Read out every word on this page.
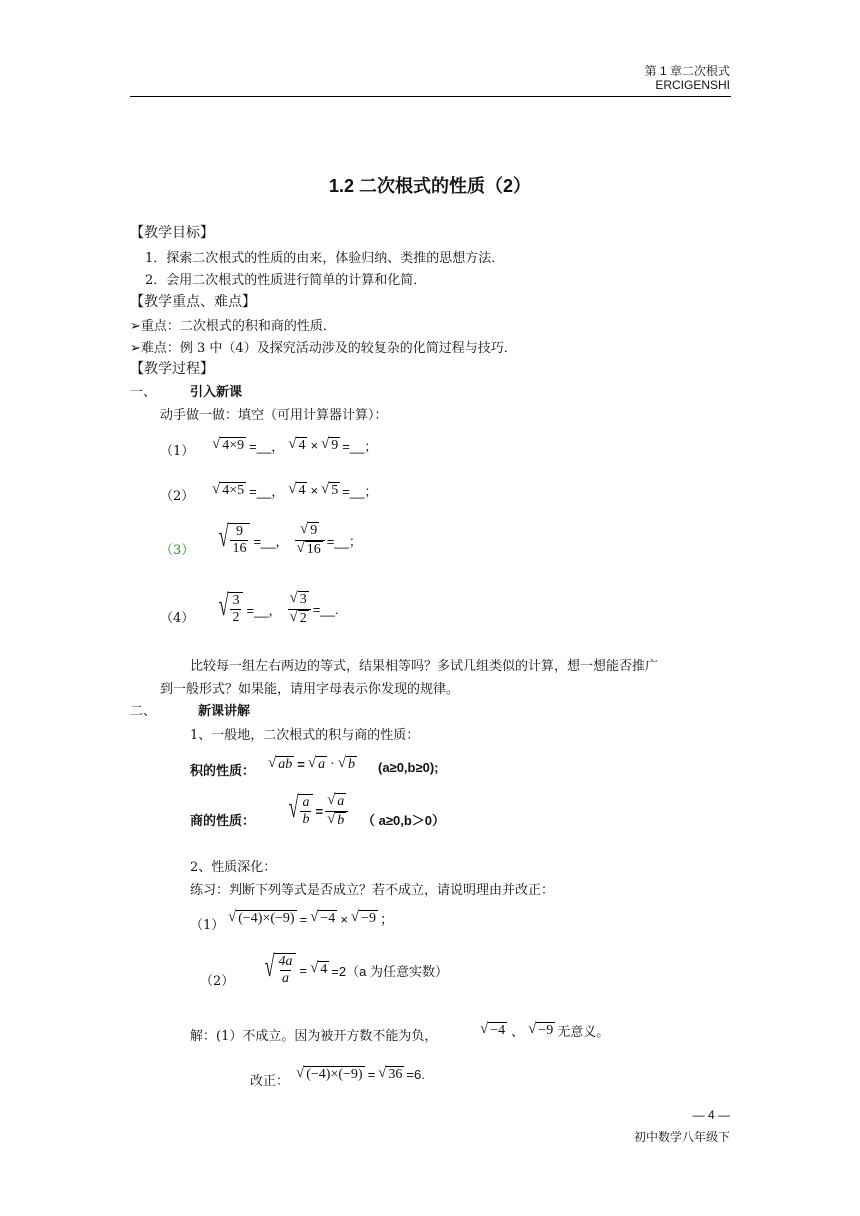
第 1 章二次根式
ERCIGENSHI
1.2 二次根式的性质（2）
【教学目标】
1．探索二次根式的性质的由来，体验归纳、类推的思想方法．
2．会用二次根式的性质进行简单的计算和化简．
【教学重点、难点】
➢重点：二次根式的积和商的性质．
➢难点：例 3 中（4）及探究活动涉及的较复杂的化简过程与技巧．
【教学过程】
一、	引入新课
动手做一做：填空（可用计算器计算）：
（1） √ 4×9 =__， √ 4 × √ 9 =__；
（2） √ 4×5 =__， √ 4 × √ 5 =__；
（3） √ $\frac{9}{16}$ =__， $\frac{√ 9}{√ 16}$ =__；
（4） √ $\frac{3}{2}$ =__， $\frac{√ 3}{√ 2}$ =__.
比较每一组左右两边的等式，结果相等吗？多试几组类似的计算，想一想能否推广
到一般形式？如果能，请用字母表示你发现的规律。
二、	新课讲解
1、一般地，二次根式的积与商的性质：
积的性质： √ ab = √ a · √ b (a≥0,b≥0);
商的性质： √ $\frac{a}{b} = \frac{√ a}{√ b}$ （ a≥0,b＞0）
2、性质深化：
练习：判断下列等式是否成立？若不成立，请说明理由并改正：
（1）
√ (−4)×(−9) = √ −4 × √ −9 ；
（2） √ $\frac{4a}{a}$ = √ 4 =2（a 为任意实数）
解：(1）不成立。因为被开方数不能为负，	√ −4 、 √ −9 无意义。
改正：
√ (−4)×(−9) = √ 36 =6.
— 4 —
初中数学八年级下
